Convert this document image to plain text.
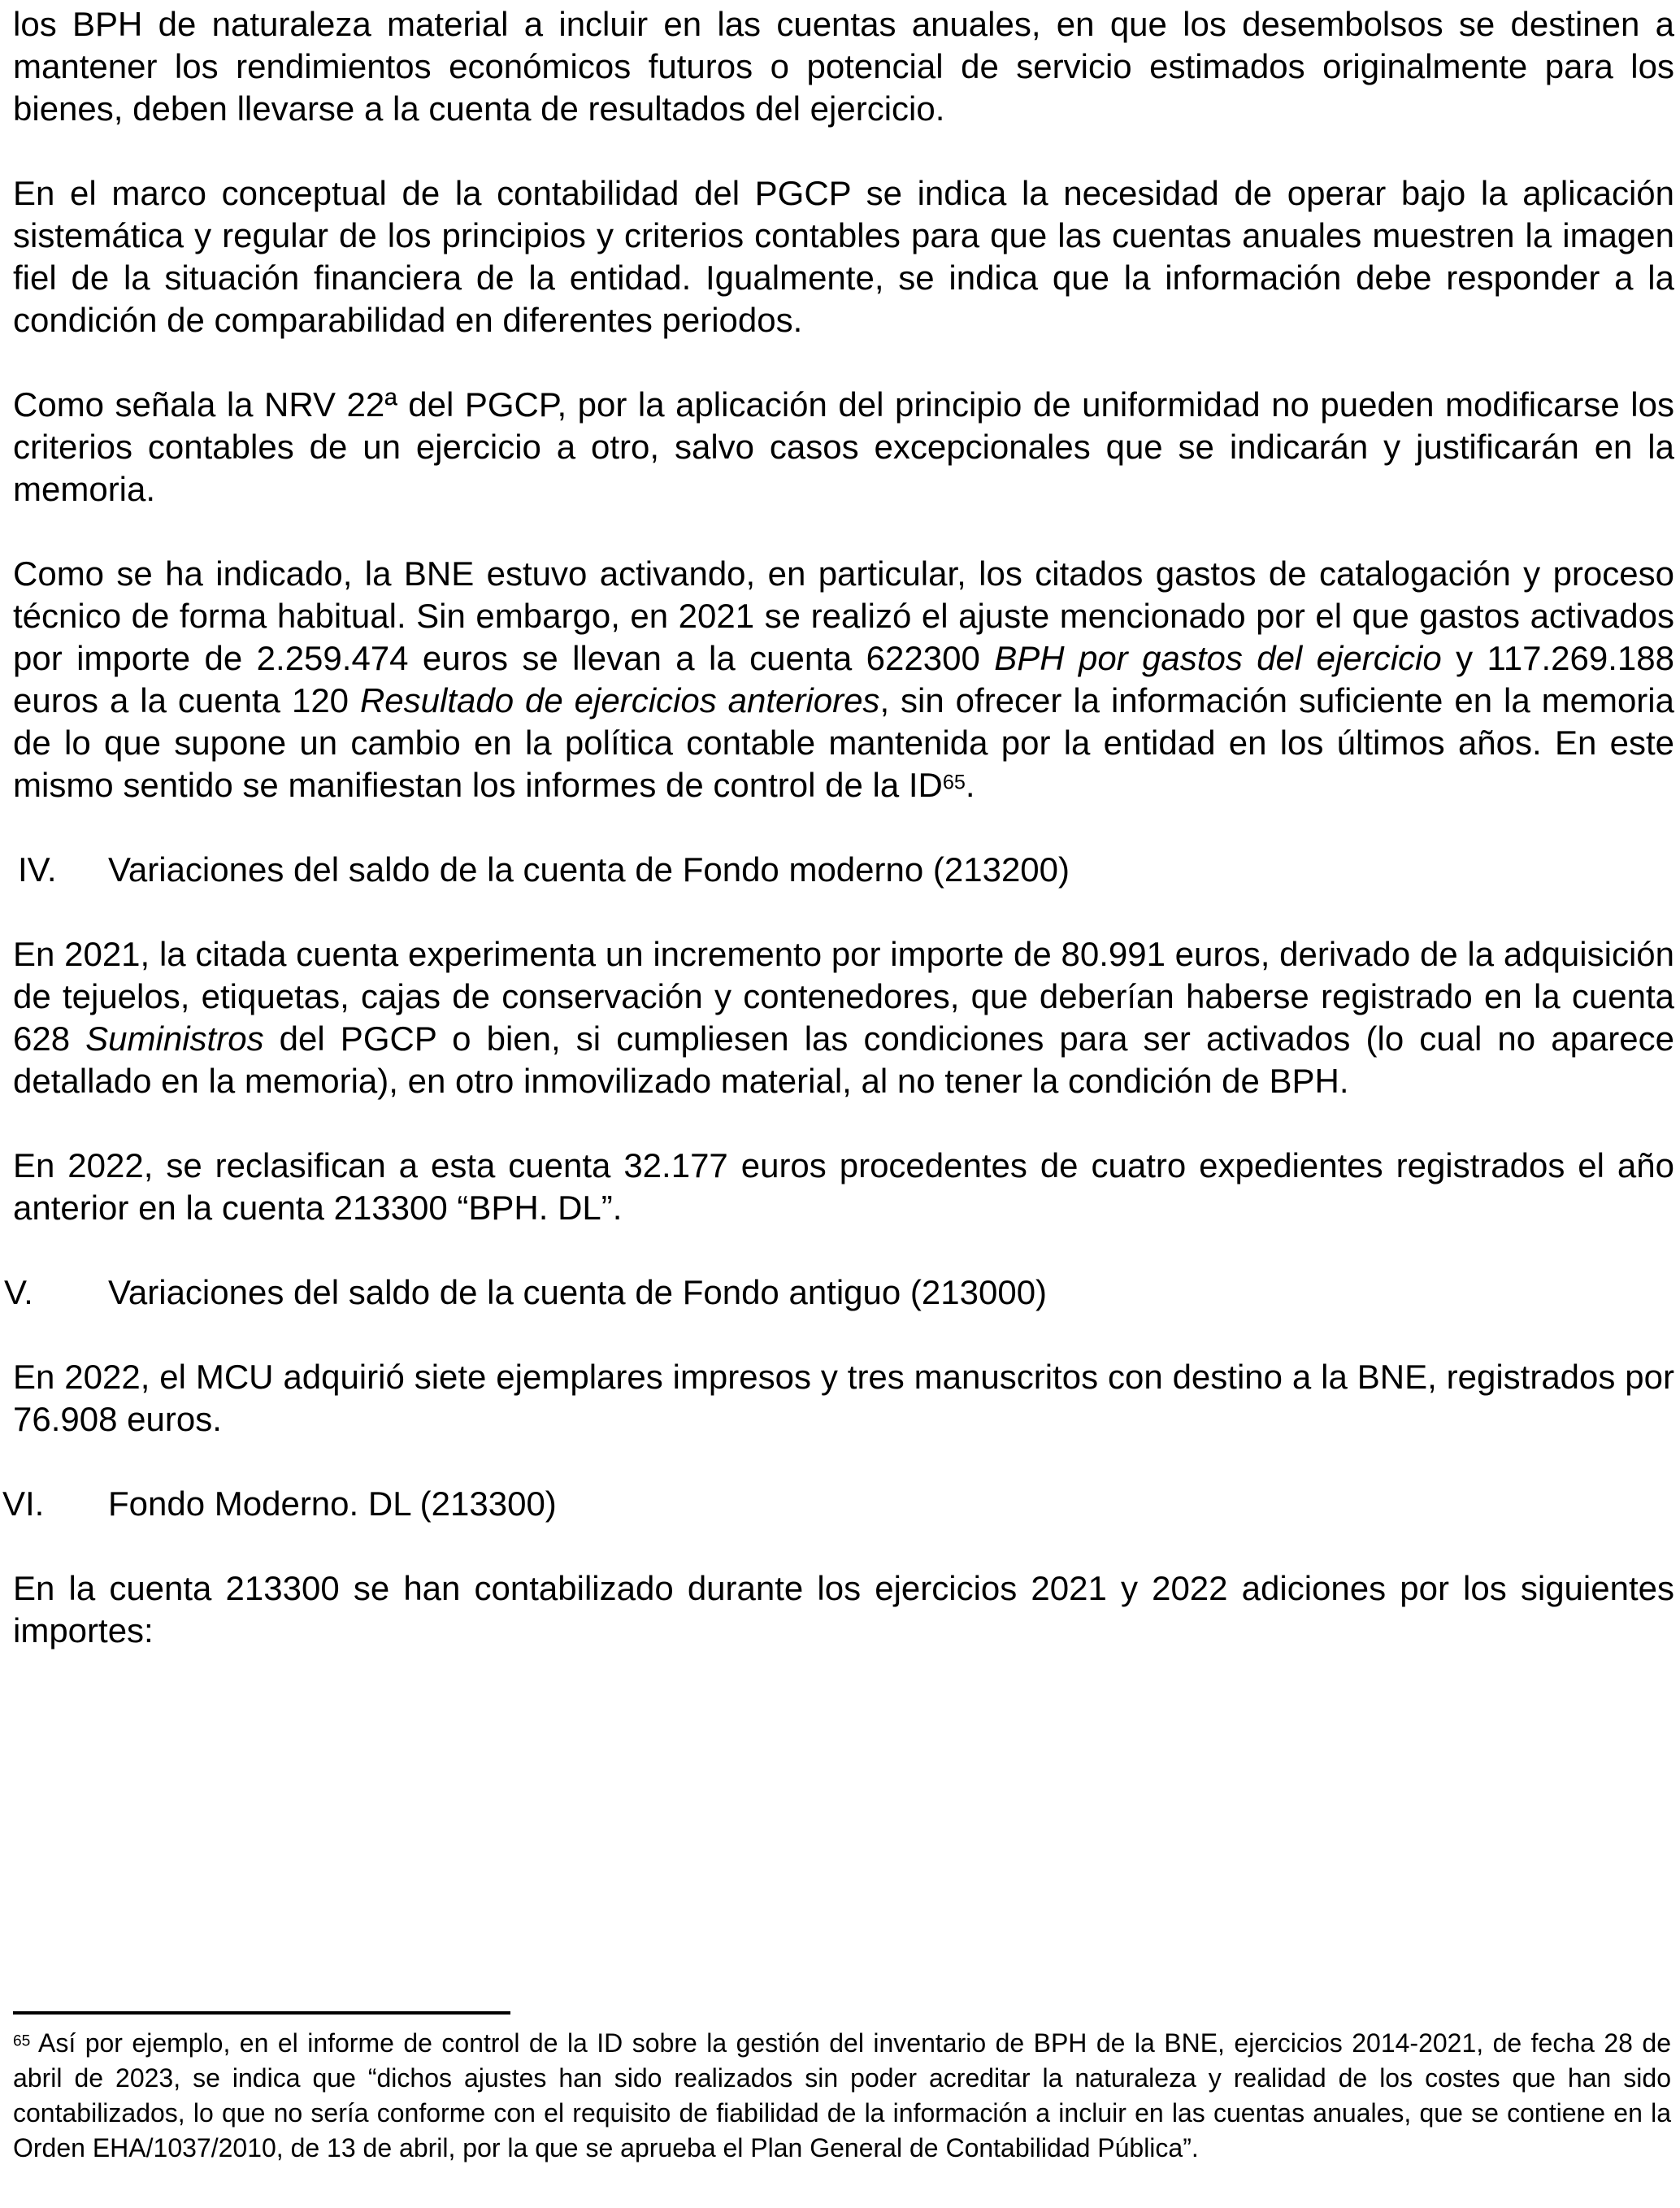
los BPH de naturaleza material a incluir en las cuentas anuales, en que los desembolsos se destinen a mantener los rendimientos económicos futuros o potencial de servicio estimados originalmente para los bienes, deben llevarse a la cuenta de resultados del ejercicio.

En el marco conceptual de la contabilidad del PGCP se indica la necesidad de operar bajo la aplicación sistemática y regular de los principios y criterios contables para que las cuentas anuales muestren la imagen fiel de la situación financiera de la entidad. Igualmente, se indica que la información debe responder a la condición de comparabilidad en diferentes periodos.

Como señala la NRV 22ª del PGCP, por la aplicación del principio de uniformidad no pueden modificarse los criterios contables de un ejercicio a otro, salvo casos excepcionales que se indicarán y justificarán en la memoria.

Como se ha indicado, la BNE estuvo activando, en particular, los citados gastos de catalogación y proceso técnico de forma habitual. Sin embargo, en 2021 se realizó el ajuste mencionado por el que gastos activados por importe de 2.259.474 euros se llevan a la cuenta 622300 BPH por gastos del ejercicio y 117.269.188 euros a la cuenta 120 Resultado de ejercicios anteriores, sin ofrecer la información suficiente en la memoria de lo que supone un cambio en la política contable mantenida por la entidad en los últimos años. En este mismo sentido se manifiestan los informes de control de la ID$^{65}$.

IV. Variaciones del saldo de la cuenta de Fondo moderno (213200)

En 2021, la citada cuenta experimenta un incremento por importe de 80.991 euros, derivado de la adquisición de tejuelos, etiquetas, cajas de conservación y contenedores, que deberían haberse registrado en la cuenta 628 Suministros del PGCP o bien, si cumpliesen las condiciones para ser activados (lo cual no aparece detallado en la memoria), en otro inmovilizado material, al no tener la condición de BPH.

En 2022, se reclasifican a esta cuenta 32.177 euros procedentes de cuatro expedientes registrados el año anterior en la cuenta 213300 “BPH. DL”.

V. Variaciones del saldo de la cuenta de Fondo antiguo (213000)

En 2022, el MCU adquirió siete ejemplares impresos y tres manuscritos con destino a la BNE, registrados por 76.908 euros.

VI. Fondo Moderno. DL (213300)

En la cuenta 213300 se han contabilizado durante los ejercicios 2021 y 2022 adiciones por los siguientes importes:

$^{65}$ Así por ejemplo, en el informe de control de la ID sobre la gestión del inventario de BPH de la BNE, ejercicios 2014-2021, de fecha 28 de abril de 2023, se indica que “dichos ajustes han sido realizados sin poder acreditar la naturaleza y realidad de los costes que han sido contabilizados, lo que no sería conforme con el requisito de fiabilidad de la información a incluir en las cuentas anuales, que se contiene en la Orden EHA/1037/2010, de 13 de abril, por la que se aprueba el Plan General de Contabilidad Pública”.
